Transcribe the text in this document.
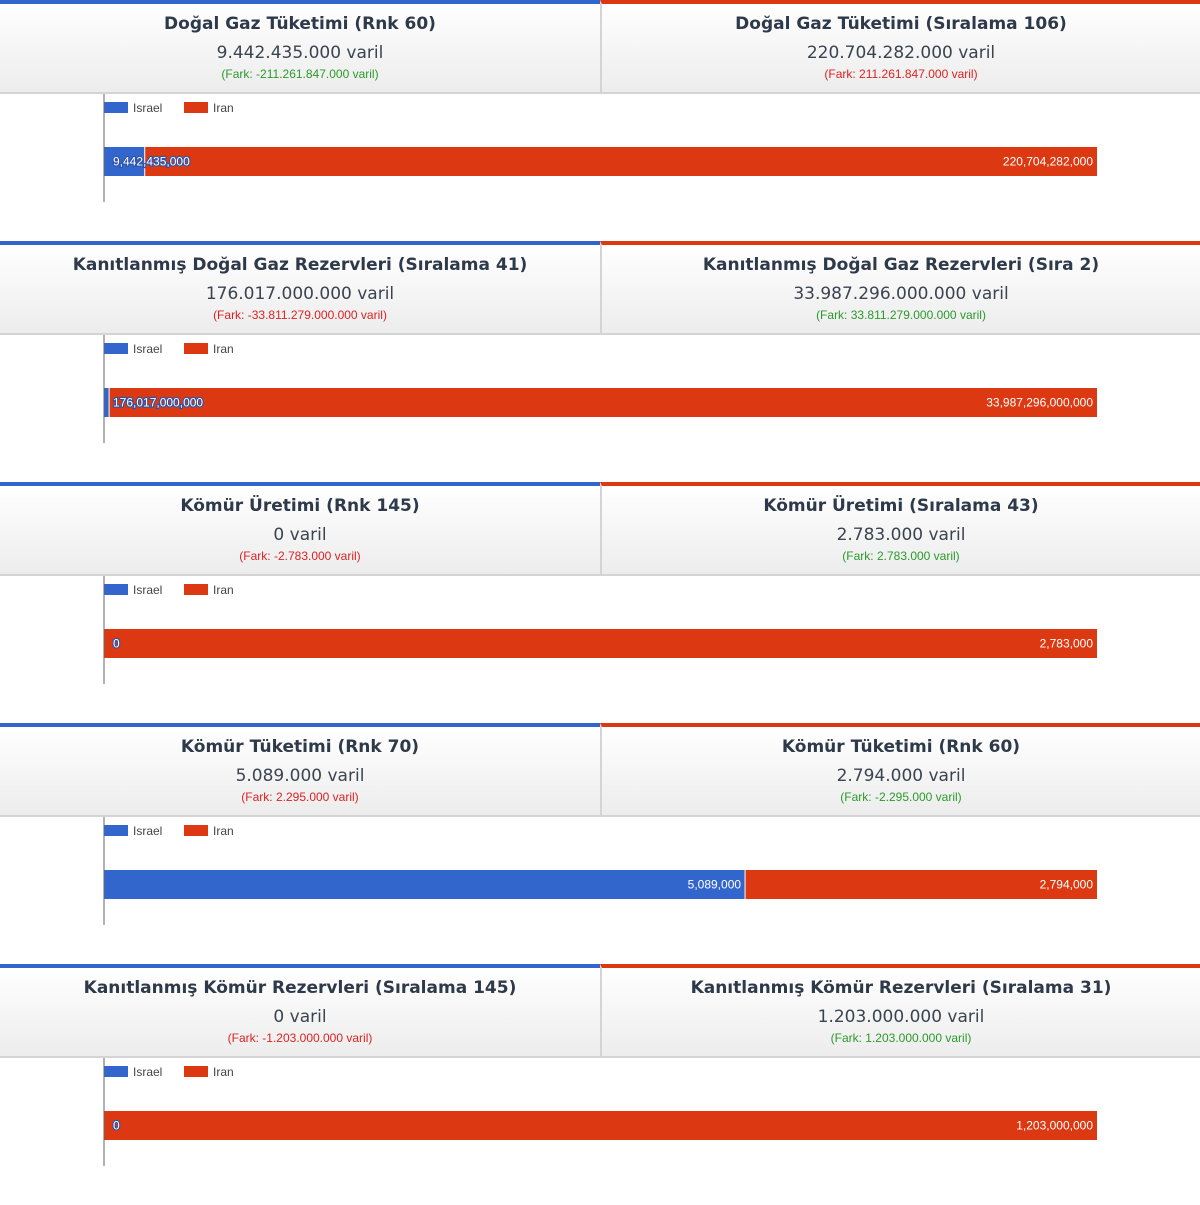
Doğal Gaz Tüketimi (Rnk 60)
9.442.435.000 varil
(Fark: -211.261.847.000 varil)
Doğal Gaz Tüketimi (Sıralama 106)
220.704.282.000 varil
(Fark: 211.261.847.000 varil)
Israel	Iran
9,442,435,000	220,704,282,000
Kanıtlanmış Doğal Gaz Rezervleri (Sıralama 41)
176.017.000.000 varil
(Fark: -33.811.279.000.000 varil)
Kanıtlanmış Doğal Gaz Rezervleri (Sıra 2)
33.987.296.000.000 varil
(Fark: 33.811.279.000.000 varil)
Israel	Iran
176,017,000,000	33,987,296,000,000
Kömür Üretimi (Rnk 145)
0 varil
(Fark: -2.783.000 varil)
Kömür Üretimi (Sıralama 43)
2.783.000 varil
(Fark: 2.783.000 varil)
Israel	Iran
0	2,783,000
Kömür Tüketimi (Rnk 70)
5.089.000 varil
(Fark: 2.295.000 varil)
Kömür Tüketimi (Rnk 60)
2.794.000 varil
(Fark: -2.295.000 varil)
Israel	Iran
5,089,000	2,794,000
Kanıtlanmış Kömür Rezervleri (Sıralama 145)
0 varil
(Fark: -1.203.000.000 varil)
Kanıtlanmış Kömür Rezervleri (Sıralama 31)
1.203.000.000 varil
(Fark: 1.203.000.000 varil)
Israel	Iran
0	1,203,000,000
